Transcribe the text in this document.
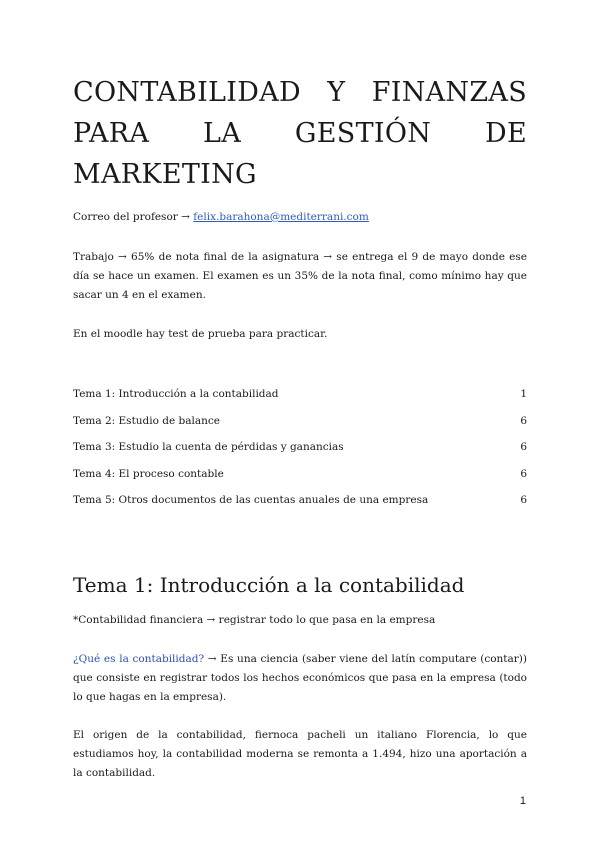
CONTABILIDAD Y FINANZAS
PARA LA GESTIÓN DE
MARKETING

Correo del profesor → felix.barahona@mediterrani.com

Trabajo → 65% de nota final de la asignatura → se entrega el 9 de mayo donde ese día se hace un examen. El examen es un 35% de la nota final, como mínimo hay que sacar un 4 en el examen.

En el moodle hay test de prueba para practicar.

Tema 1: Introducción a la contabilidad	1
Tema 2: Estudio de balance	6
Tema 3: Estudio la cuenta de pérdidas y ganancias	6
Tema 4: El proceso contable	6
Tema 5: Otros documentos de las cuentas anuales de una empresa	6
Tema 1: Introducción a la contabilidad

*Contabilidad financiera → registrar todo lo que pasa en la empresa

¿Qué es la contabilidad? → Es una ciencia (saber viene del latín computare (contar)) que consiste en registrar todos los hechos económicos que pasa en la empresa (todo lo que hagas en la empresa).

El origen de la contabilidad, fiernoca pacheli un italiano Florencia, lo que estudiamos hoy, la contabilidad moderna se remonta a 1.494, hizo una aportación a la contabilidad.

1
